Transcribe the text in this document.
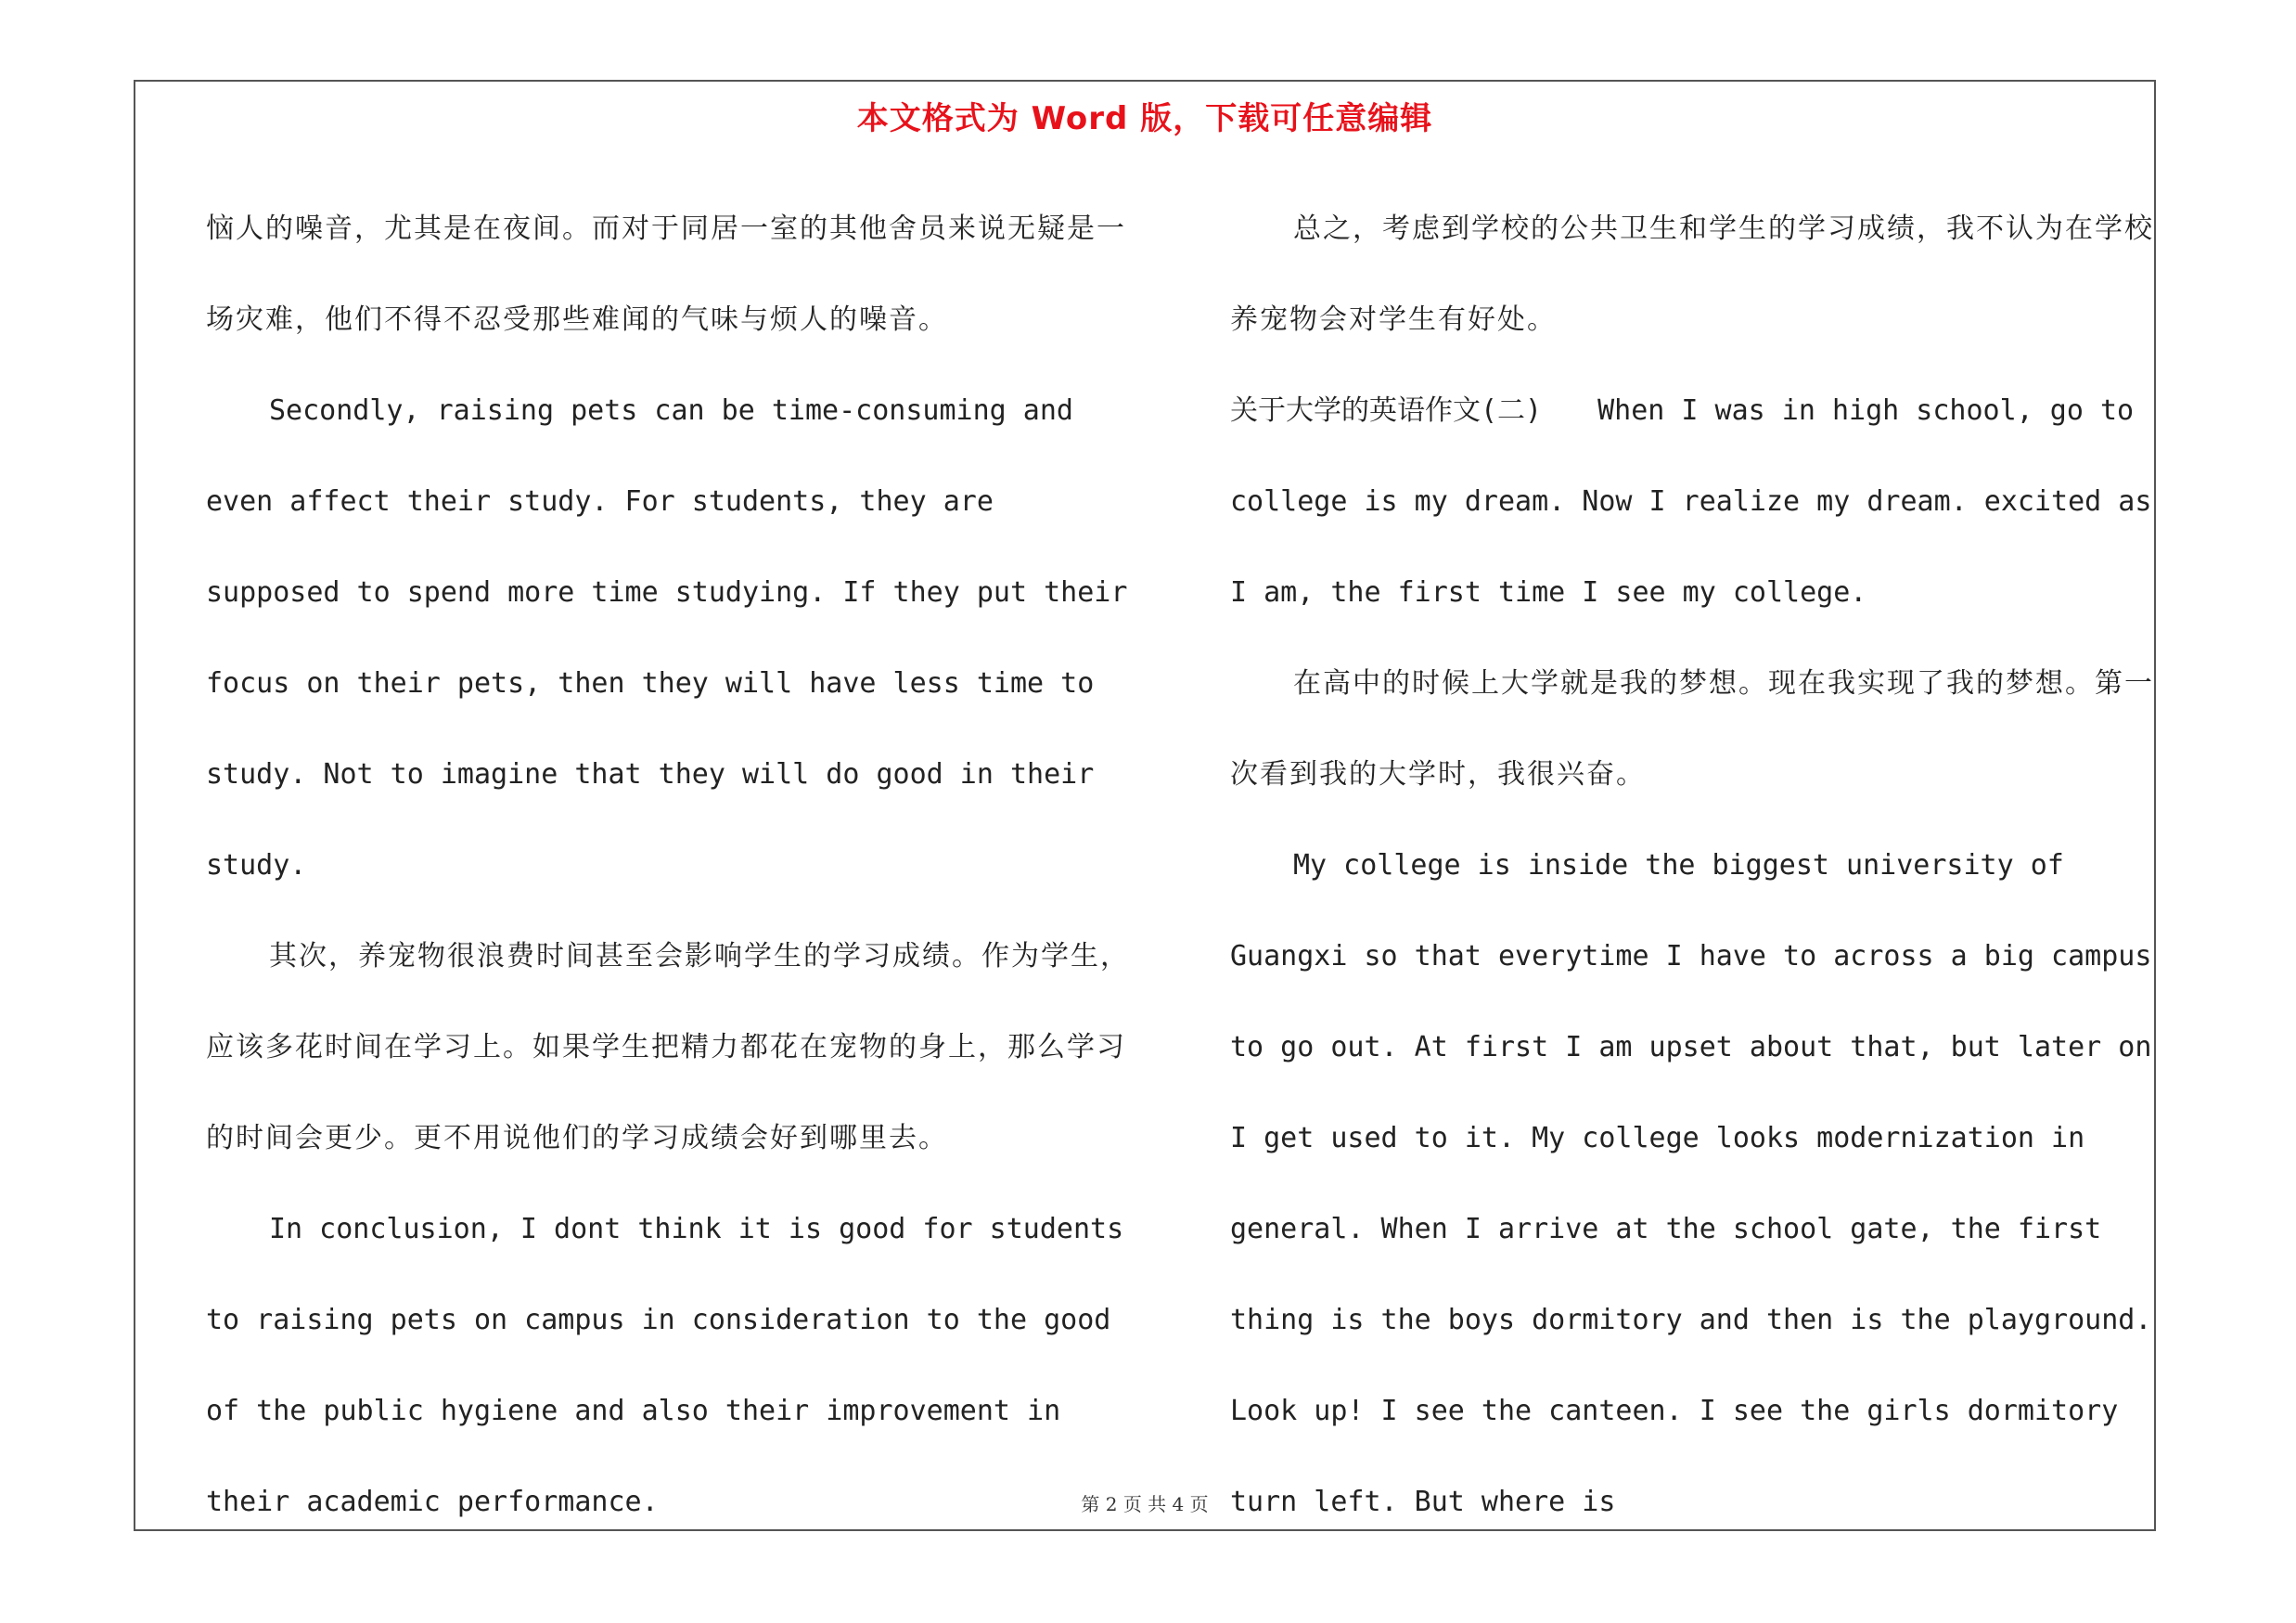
本文格式为 Word 版，下载可任意编辑

恼人的噪音，尤其是在夜间。而对于同居一室的其他舍员来说无疑是一场灾难，他们不得不忍受那些难闻的气味与烦人的噪音。

Secondly, raising pets can be time-consuming and even affect their study. For students, they are supposed to spend more time studying. If they put their focus on their pets, then they will have less time to study. Not to imagine that they will do good in their study.

其次，养宠物很浪费时间甚至会影响学生的学习成绩。作为学生，应该多花时间在学习上。如果学生把精力都花在宠物的身上，那么学习的时间会更少。更不用说他们的学习成绩会好到哪里去。

In conclusion, I dont think it is good for students to raising pets on campus in consideration to the good of the public hygiene and also their improvement in their academic performance.

总之，考虑到学校的公共卫生和学生的学习成绩，我不认为在学校养宠物会对学生有好处。

关于大学的英语作文(二)　　When I was in high school, go to college is my dream. Now I realize my dream. excited as I am, the first time I see my college.

在高中的时候上大学就是我的梦想。现在我实现了我的梦想。第一次看到我的大学时，我很兴奋。

My college is inside the biggest university of Guangxi so that everytime I have to across a big campus to go out. At first I am upset about that, but later on I get used to it. My college looks modernization in general. When I arrive at the school gate, the first thing is the boys dormitory and then is the playground. Look up! I see the canteen. I see the girls dormitory turn left. But where is

第 2 页 共 4 页
